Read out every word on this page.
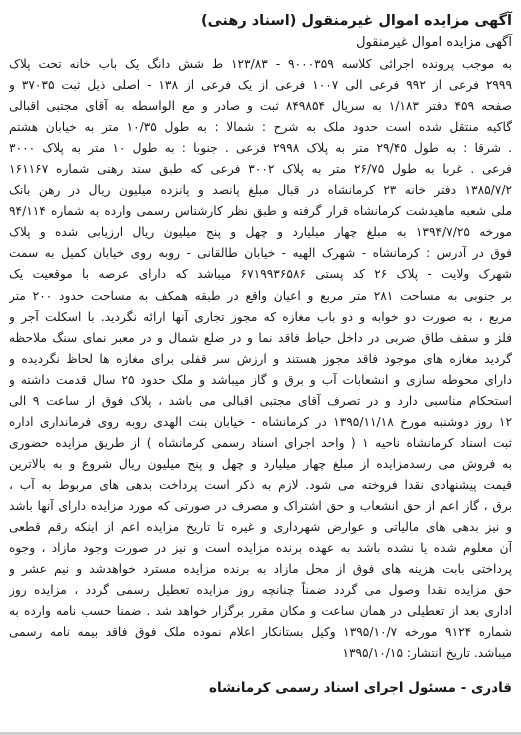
آگهی مزایده اموال غیرمنقول (اسناد رهنی)
آگهی مزایده اموال غیرمنقول
به موجب پرونده اجرائی کلاسه ۹۰۰۰۳۵۹ - ۱۲۳/۸۳ ط شش دانگ یک باب خانه تحت پلاک
۲۹۹۹ فرعی از ۹۹۲ فرعی الی ۱۰۰۷ فرعی از یک فرعی از ۱۳۸ - اصلی ذیل ثبت ۳۷۰۳۵ و
صفحه ۴۵۹ دفتر ۱/۱۸۳ به سریال ۸۴۹۸۵۴ ثبت و صادر و مع الواسطه به آقای مجتبی اقبالی
گاکیه منتقل شده است حدود ملک به شرح : شمالا : به طول ۱۰/۳۵ متر به خیابان هشتم
. شرقا : به طول ۲۹/۴۵ متر به پلاک ۲۹۹۸ فرعی . جنوبا : به طول ۱۰ متر به پلاک ۳۰۰۰
فرعی . غربا به طول ۲۶/۷۵ متر به پلاک ۳۰۰۲ فرعی که طبق سند رهنی شماره ۱۶۱۱۶۷
۱۳۸۵/۷/۲ دفتر خانه ۲۳ کرمانشاه در قبال مبلغ پانصد و پانزده میلیون ریال در رهن بانک
ملی شعبه ماهیدشت کرمانشاه قرار گرفته و طبق نظر کارشناس رسمی وارده به شماره ۹۴/۱۱۴
مورخه ۱۳۹۴/۷/۲۵ به مبلغ چهار میلیارد و چهل و پنج میلیون ریال ارزیابی شده و پلاک
فوق در آدرس : کرمانشاه - شهرک الهیه - خیابان طالقانی - روبه روی خیابان کمیل به سمت
شهرک ولایت - پلاک ۲۶ کد پستی ۶۷۱۹۹۳۶۵۸۶ میباشد که دارای عرصه با موقعیت یک
بر جنوبی به مساحت ۲۸۱ متر مربع و اعیان واقع در طبقه همکف به مساحت حدود ۲۰۰ متر
مربع ، به صورت دو خوابه و دو باب مغازه که مجوز تجاری آنها ارائه نگردید. با اسکلت آجر و
فلز و سقف طاق ضربی در داخل حیاط فاقد نما و در ضلع شمال و در معبر نمای سنگ ملاحظه
گردید مغازه های موجود فاقد مجوز هستند و ارزش سر قفلی برای مغازه ها لحاظ نگردیده و
دارای محوطه سازی و انشعابات آب و برق و گاز میباشد و ملک حدود ۲۵ سال قدمت داشته و
استحکام مناسبی دارد و در تصرف آقای مجتبی اقبالی می باشد ، پلاک فوق از ساعت ۹ الی
۱۲ روز دوشنبه مورخ ۱۳۹۵/۱۱/۱۸ در کرمانشاه - خیابان بنت الهدی روبه روی فرمانداری اداره
ثبت اسناد کرمانشاه ناحیه ۱ ( واحد اجرای اسناد رسمی کرمانشاه ) از طریق مزایده حضوری
به فروش می رسدمزایده از مبلغ چهار میلیارد و چهل و پنج میلیون ریال شروع و به بالاترین
قیمت پیشنهادی نقدا فروخته می شود. لازم به ذکر است پرداخت بدهی های مربوط به آب ،
برق ، گاز اعم از حق انشعاب و حق اشتراک و مصرف در صورتی که مورد مزایده دارای آنها باشد
و نیز بدهی های مالیاتی و عوارض شهرداری و غیره تا تاریخ مزایده اعم از اینکه رقم قطعی
آن معلوم شده یا نشده باشد به عهده برنده مزایده است و نیز در صورت وجود مازاد ، وجوه
پرداختی بابت هزینه های فوق از محل مازاد به برنده مزایده مسترد خواهدشد و نیم عشر و
حق مزایده نقدا وصول می گردد ضمناً چنانچه روز مزایده تعطیل رسمی گردد ، مزایده روز
اداری بعد از تعطیلی در همان ساعت و مکان مقرر برگزار خواهد شد . ضمنا حسب نامه وارده به
شماره ۹۱۲۴ مورخه ۱۳۹۵/۱۰/۷ وکیل بستانکار اعلام نموده ملک فوق فاقد بیمه نامه رسمی
میباشد. تاریخ انتشار: ۱۳۹۵/۱۰/۱۵
قادری - مسئول اجرای اسناد رسمی کرمانشاه
